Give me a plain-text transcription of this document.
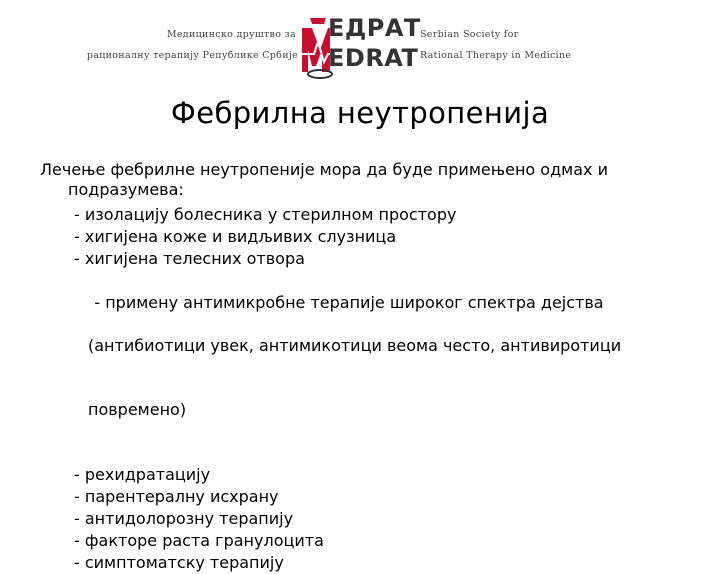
Медицинско друштво за
рационалну терапију Републике Србије
ЕДРАТ
EDRAT
Serbian Society for
Rational Therapy in Medicine
Фебрилна неутропенија
Лечење фебрилне неутропеније мора да буде примењено одмах и
подразумева:
- изолацију болесника у стерилном простору
- хигијена коже и видљивих слузница
- хигијена телесних отвора

- примену антимикробне терапије широког спектра дејства

(антибиотици увек, антимикотици веома често, антивиротици

повремено)

- рехидратацију
- парентералну исхрану
- антидолорозну терапију
- факторе раста гранулоцита
- симптоматску терапију
